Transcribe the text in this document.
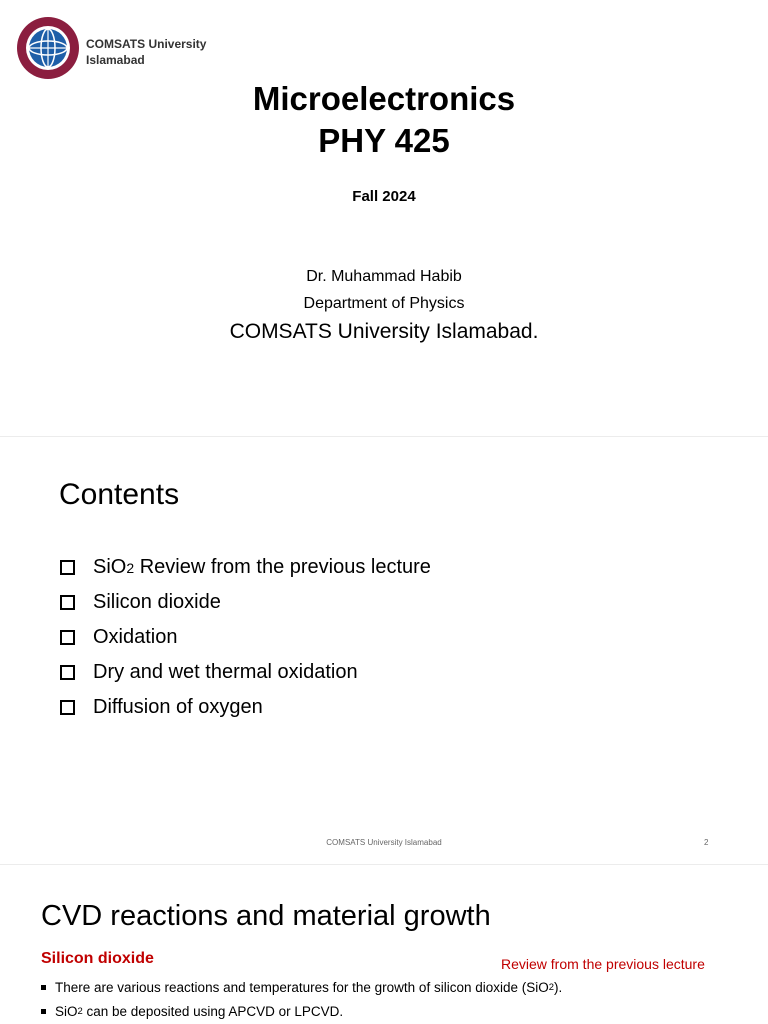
COMSATS University
Islamabad
Microelectronics
PHY 425
Fall 2024
Dr. Muhammad Habib
Department of Physics
COMSATS University Islamabad.
Contents
SiO 2 Review from the previous lecture
Silicon dioxide
Oxidation
Dry and wet thermal oxidation
Diffusion of oxygen
COMSATS University Islamabad	2
CVD reactions and material growth
Silicon dioxide	Review from the previous lecture
There are various reactions and temperatures for the growth of silicon dioxide (SiO 2 ).
SiO 2 can be deposited using APCVD or LPCVD.
